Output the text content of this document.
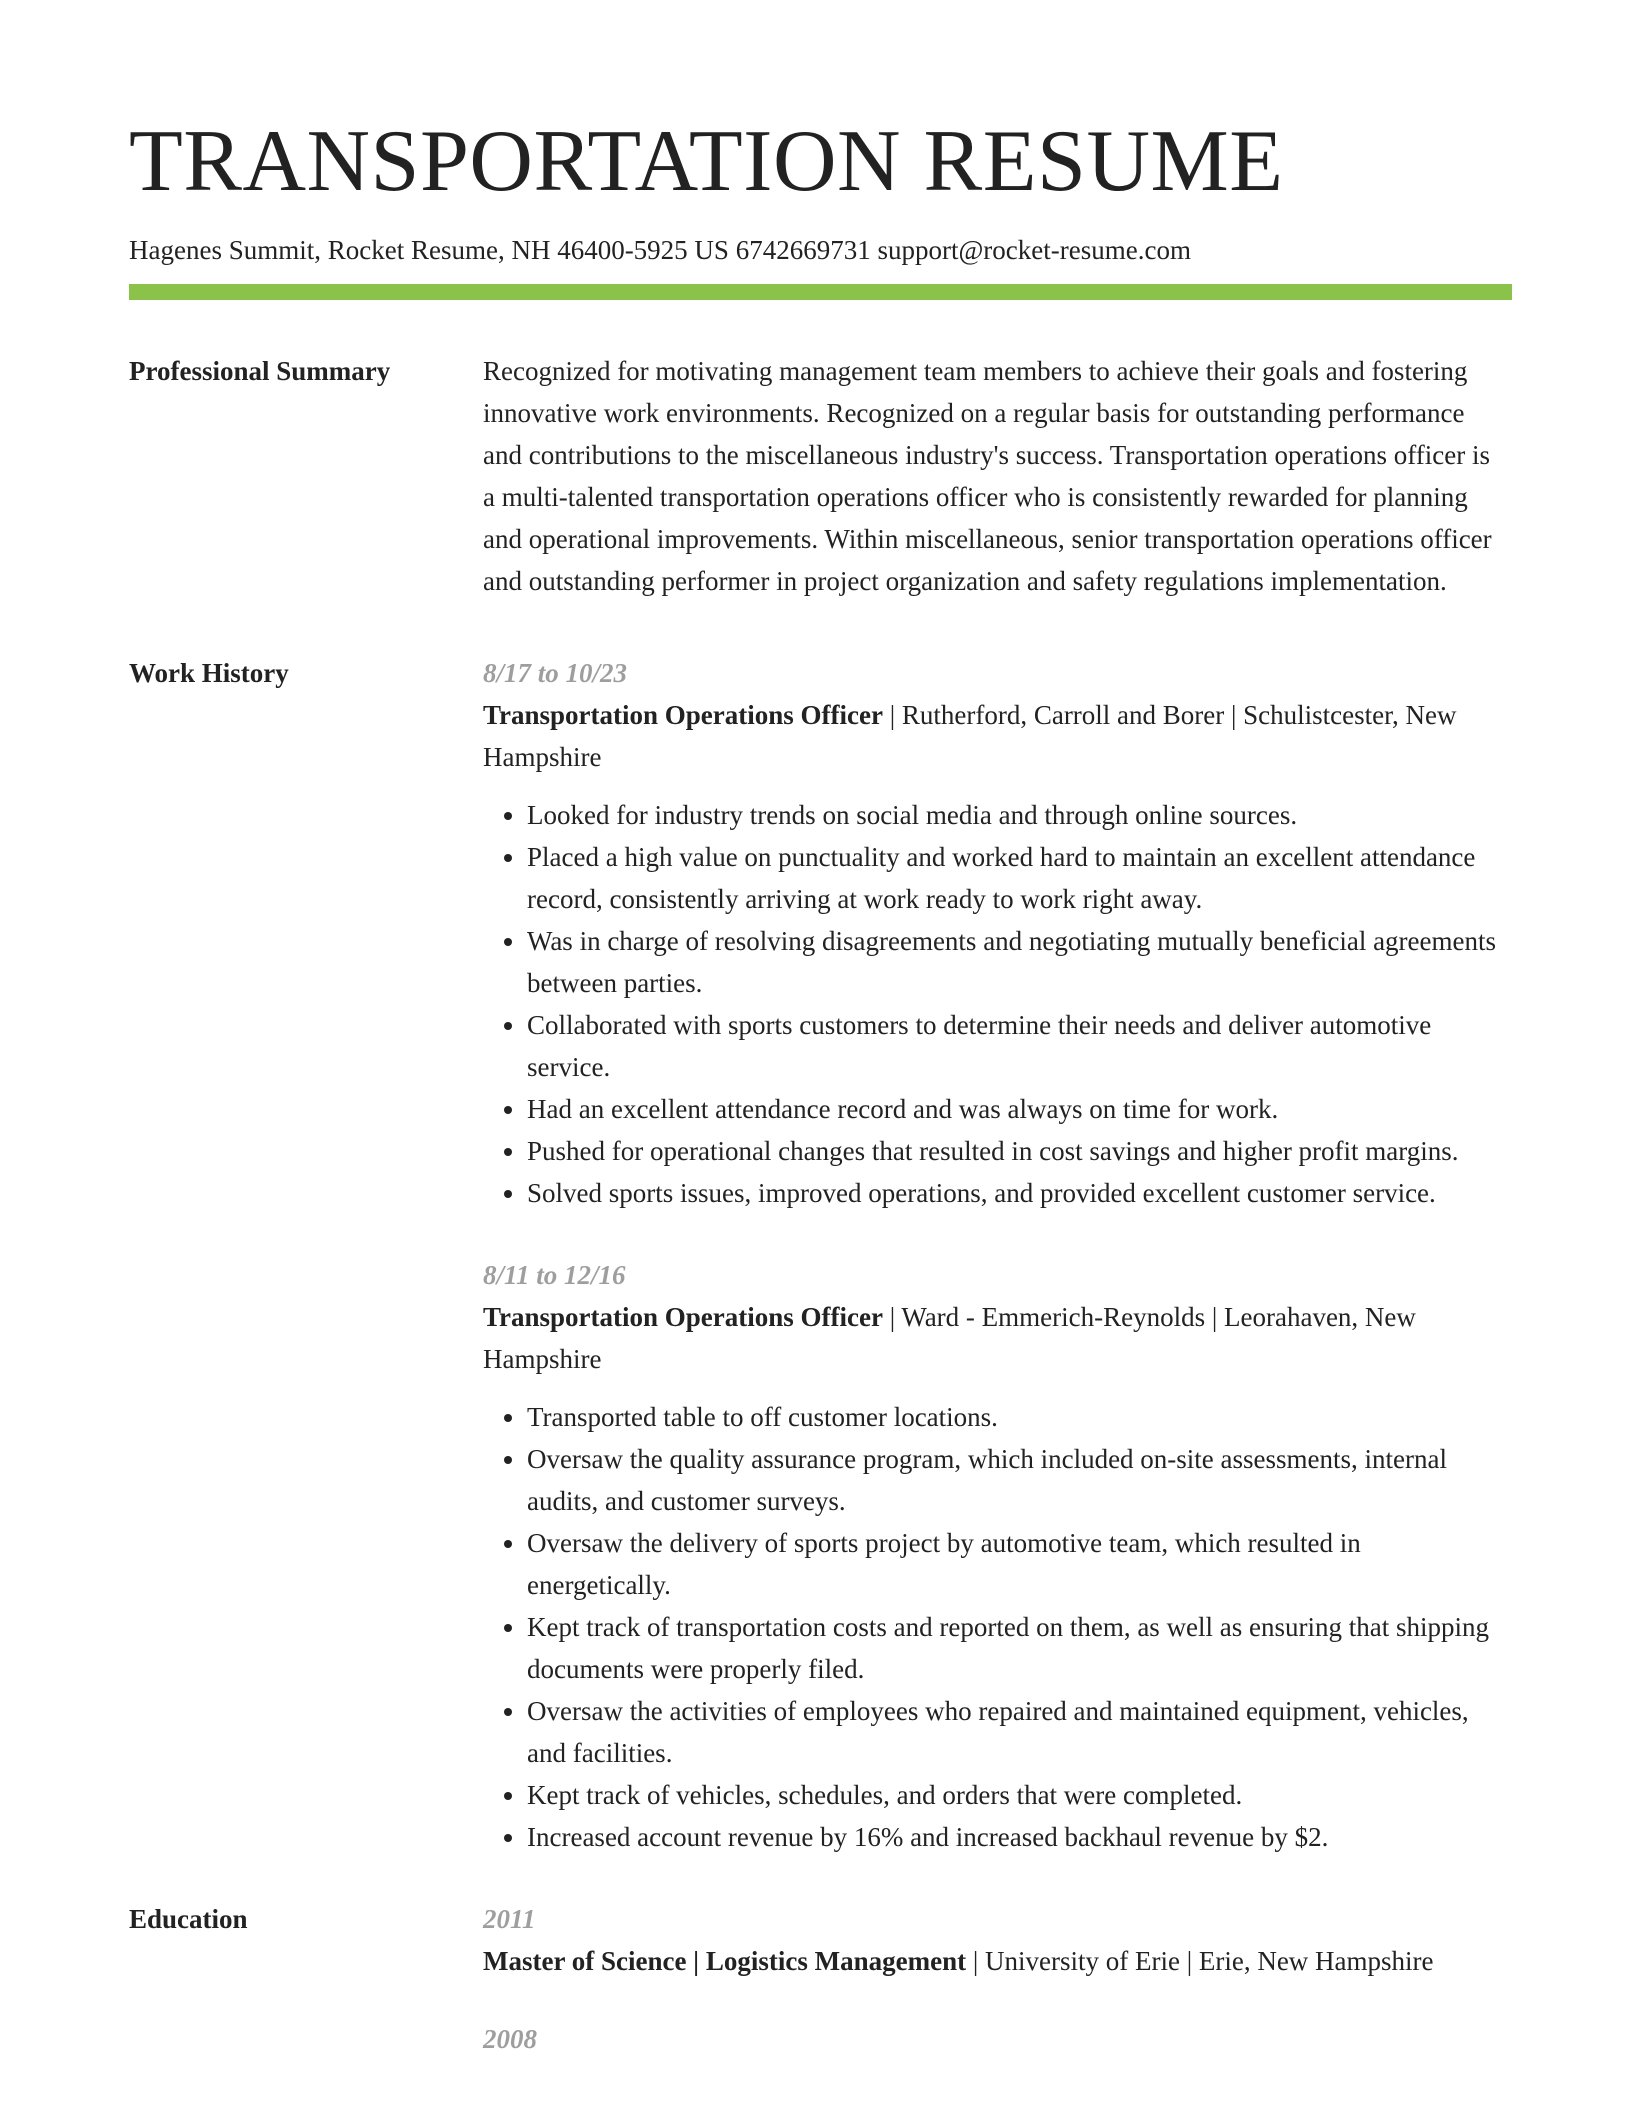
TRANSPORTATION RESUME
Hagenes Summit, Rocket Resume, NH 46400-5925 US 6742669731 support@rocket-resume.com
Professional Summary	Recognized for motivating management team members to achieve their goals and fostering innovative work environments. Recognized on a regular basis for outstanding performance and contributions to the miscellaneous industry's success. Transportation operations officer is a multi-talented transportation operations officer who is consistently rewarded for planning and operational improvements. Within miscellaneous, senior transportation operations officer and outstanding performer in project organization and safety regulations implementation.

Work History	8/17 to 10/23

Transportation Operations Officer | Rutherford, Carroll and Borer | Schulistcester, New Hampshire

• Looked for industry trends on social media and through online sources.
• Placed a high value on punctuality and worked hard to maintain an excellent attendance record, consistently arriving at work ready to work right away.
• Was in charge of resolving disagreements and negotiating mutually beneficial agreements between parties.
• Collaborated with sports customers to determine their needs and deliver automotive service.
• Had an excellent attendance record and was always on time for work.
• Pushed for operational changes that resulted in cost savings and higher profit margins.
• Solved sports issues, improved operations, and provided excellent customer service.
8/11 to 12/16

Transportation Operations Officer | Ward - Emmerich-Reynolds | Leorahaven, New Hampshire

• Transported table to off customer locations.
• Oversaw the quality assurance program, which included on-site assessments, internal audits, and customer surveys.
• Oversaw the delivery of sports project by automotive team, which resulted in energetically.
• Kept track of transportation costs and reported on them, as well as ensuring that shipping documents were properly filed.
• Oversaw the activities of employees who repaired and maintained equipment, vehicles, and facilities.
• Kept track of vehicles, schedules, and orders that were completed.
• Increased account revenue by 16% and increased backhaul revenue by $2.
Education	2011

Master of Science | Logistics Management | University of Erie | Erie, New Hampshire

2008
